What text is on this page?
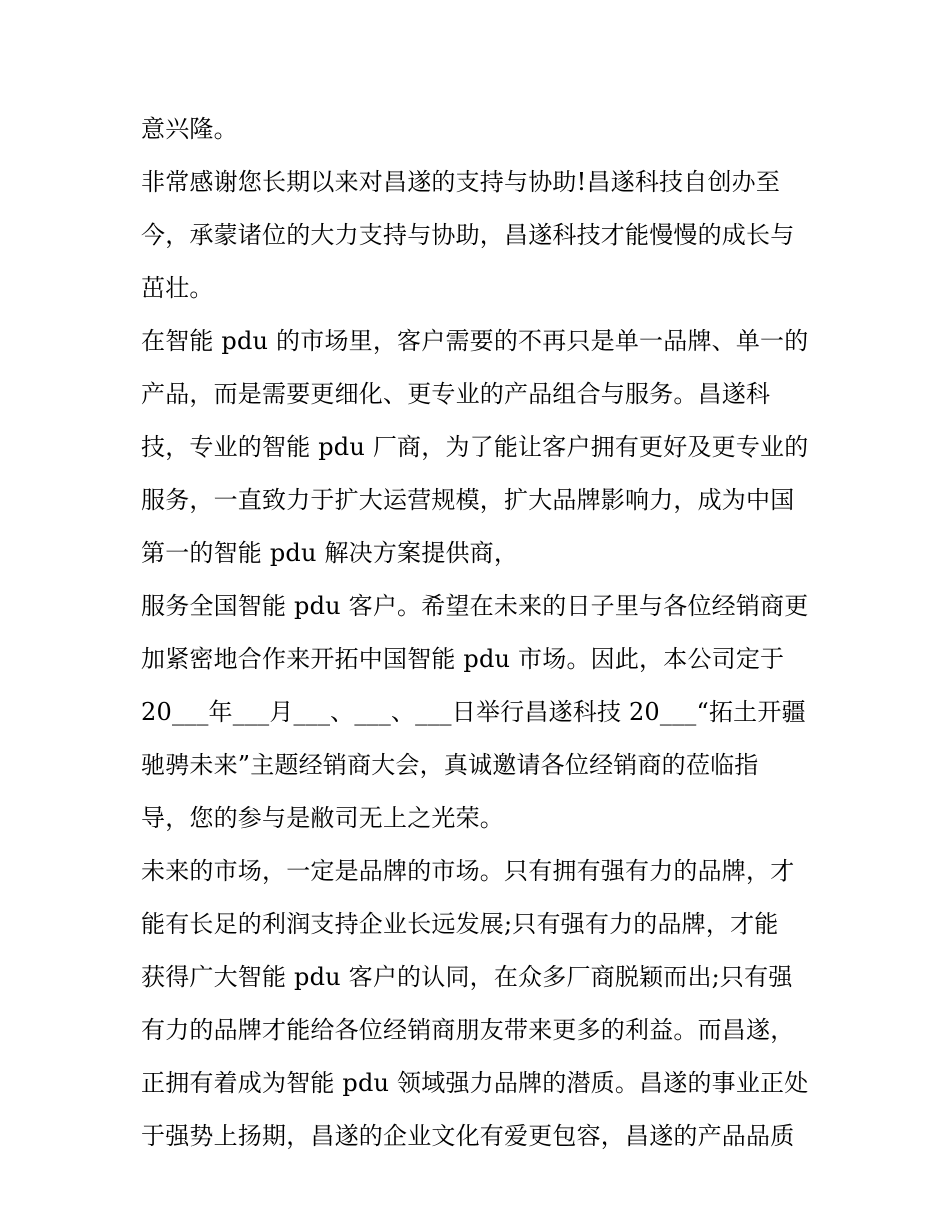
意兴隆。
非常感谢您长期以来对昌遂的支持与协助!昌遂科技自创办至
今，承蒙诸位的大力支持与协助，昌遂科技才能慢慢的成长与
茁壮。
在智能 pdu 的市场里，客户需要的不再只是单一品牌、单一的
产品，而是需要更细化、更专业的产品组合与服务。昌遂科
技，专业的智能 pdu 厂商，为了能让客户拥有更好及更专业的
服务，一直致力于扩大运营规模，扩大品牌影响力，成为中国
第一的智能 pdu 解决方案提供商，
服务全国智能 pdu 客户。希望在未来的日子里与各位经销商更
加紧密地合作来开拓中国智能 pdu 市场。因此，本公司定于
20___年___月___、___、___日举行昌遂科技 20___“拓土开疆
驰骋未来”主题经销商大会，真诚邀请各位经销商的莅临指
导，您的参与是敝司无上之光荣。
未来的市场，一定是品牌的市场。只有拥有强有力的品牌，才
能有长足的利润支持企业长远发展;只有强有力的品牌，才能
获得广大智能 pdu 客户的认同，在众多厂商脱颖而出;只有强
有力的品牌才能给各位经销商朋友带来更多的利益。而昌遂，
正拥有着成为智能 pdu 领域强力品牌的潜质。昌遂的事业正处
于强势上扬期，昌遂的企业文化有爱更包容，昌遂的产品品质
